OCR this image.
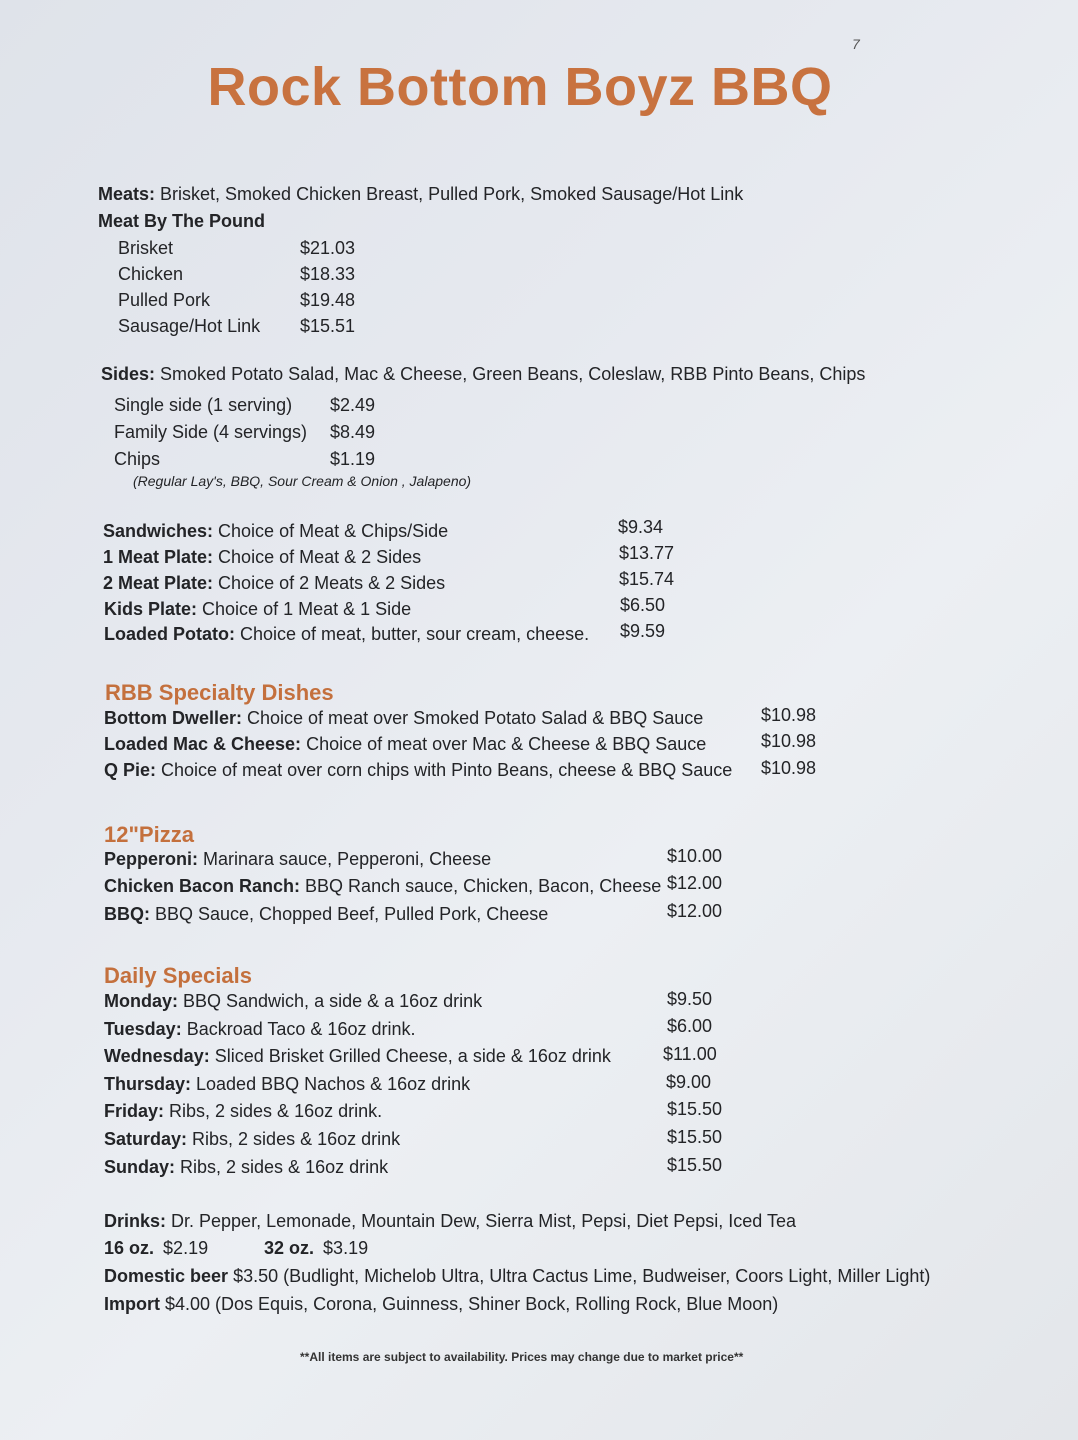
7
Rock Bottom Boyz BBQ
Meats: Brisket, Smoked Chicken Breast, Pulled Pork, Smoked Sausage/Hot Link
Meat By The Pound
Brisket	$21.03
Chicken	$18.33
Pulled Pork	$19.48
Sausage/Hot Link $15.51
Sides: Smoked Potato Salad, Mac & Cheese, Green Beans, Coleslaw, RBB Pinto Beans, Chips
Single side (1 serving) $2.49
Family Side (4 servings) $8.49
Chips	$1.19
(Regular Lay's, BBQ, Sour Cream & Onion , Jalapeno)
Sandwiches: Choice of Meat & Chips/Side	$9.34
1 Meat Plate: Choice of Meat & 2 Sides	$13.77
2 Meat Plate: Choice of 2 Meats & 2 Sides	$15.74
Kids Plate: Choice of 1 Meat & 1 Side	$6.50
Loaded Potato: Choice of meat, butter, sour cream, cheese. $9.59
RBB Specialty Dishes
Bottom Dweller: Choice of meat over Smoked Potato Salad & BBQ Sauce	$10.98
Loaded Mac & Cheese: Choice of meat over Mac & Cheese & BBQ Sauce	$10.98
Q Pie: Choice of meat over corn chips with Pinto Beans, cheese & BBQ Sauce $10.98
12"Pizza
Pepperoni: Marinara sauce, Pepperoni, Cheese	$10.00
Chicken Bacon Ranch: BBQ Ranch sauce, Chicken, Bacon, Cheese $12.00
BBQ: BBQ Sauce, Chopped Beef, Pulled Pork, Cheese	$12.00
Daily Specials
Monday: BBQ Sandwich, a side & a 16oz drink	$9.50
Tuesday: Backroad Taco & 16oz drink.	$6.00
Wednesday: Sliced Brisket Grilled Cheese, a side & 16oz drink	$11.00
Thursday: Loaded BBQ Nachos & 16oz drink	$9.00
Friday: Ribs, 2 sides & 16oz drink.	$15.50
Saturday: Ribs, 2 sides & 16oz drink	$15.50
Sunday: Ribs, 2 sides & 16oz drink	$15.50
Drinks: Dr. Pepper, Lemonade, Mountain Dew, Sierra Mist, Pepsi, Diet Pepsi, Iced Tea
16 oz. $2.19	32 oz. $3.19
Domestic beer $3.50 (Budlight, Michelob Ultra, Ultra Cactus Lime, Budweiser, Coors Light, Miller Light)
Import $4.00 (Dos Equis, Corona, Guinness, Shiner Bock, Rolling Rock, Blue Moon)
**All items are subject to availability. Prices may change due to market price**
